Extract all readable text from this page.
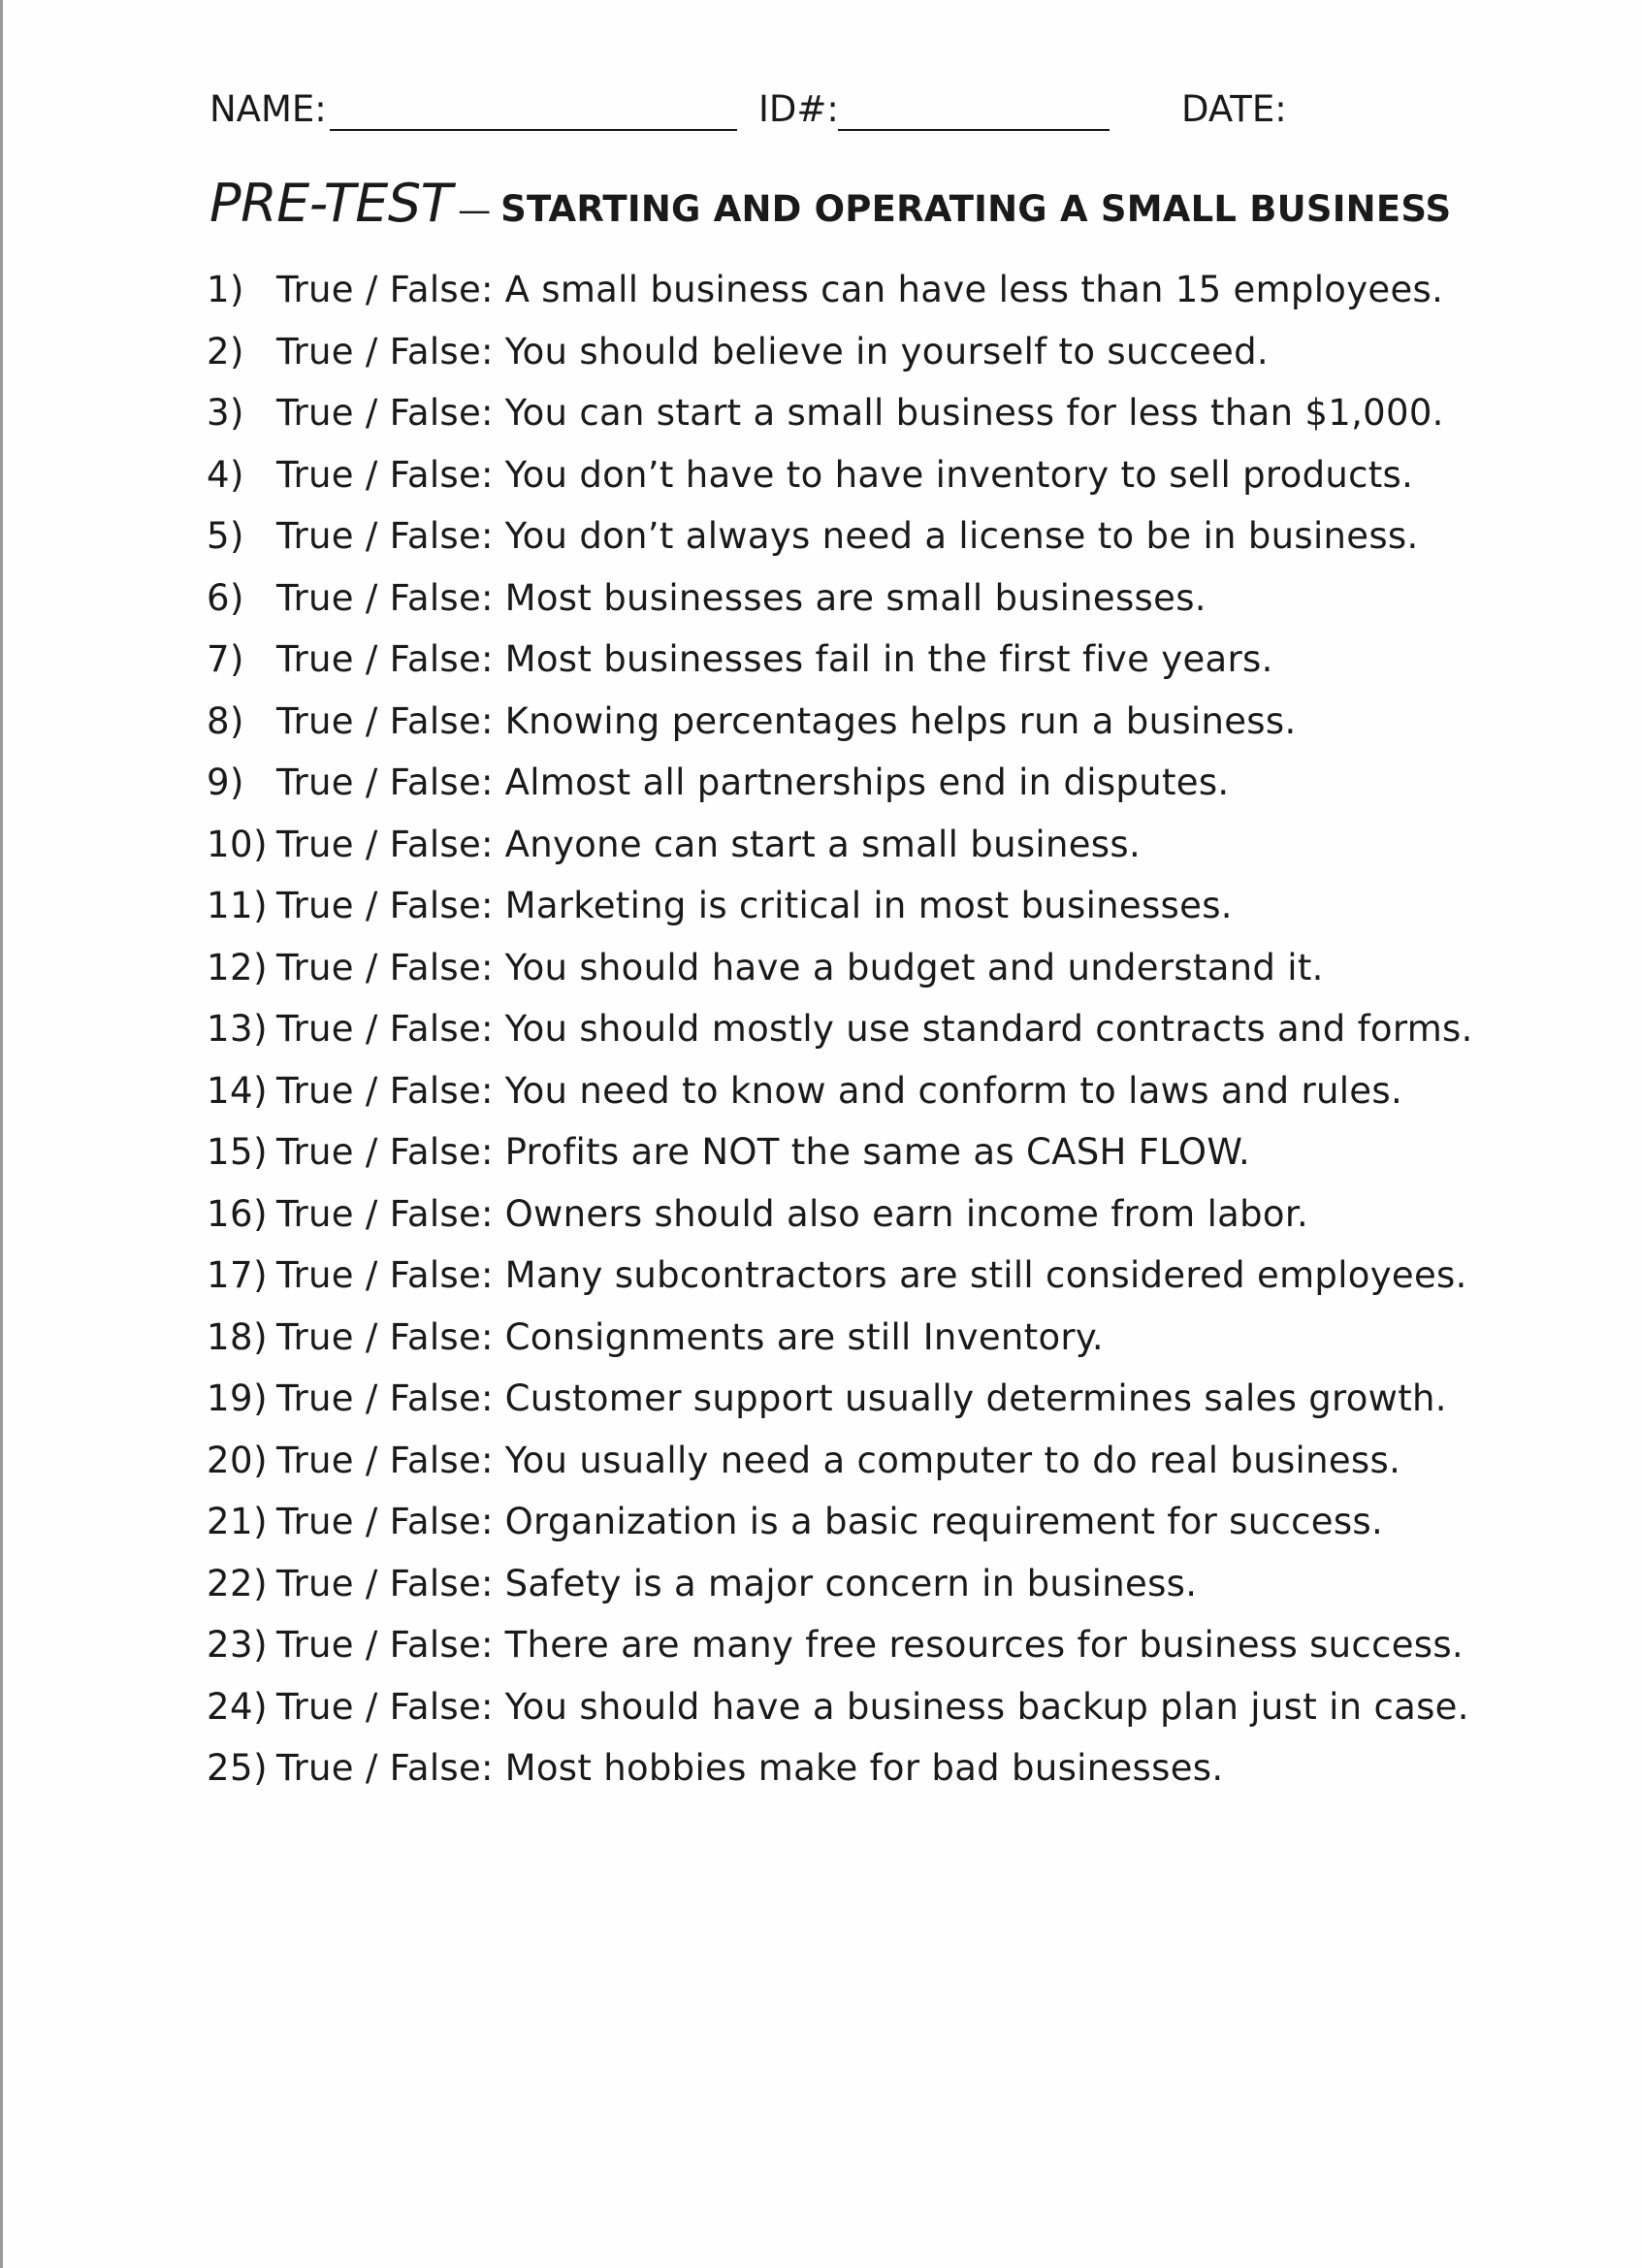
NAME:	ID#:	DATE:
PRE-TEST — STARTING AND OPERATING A SMALL BUSINESS
1) True / False: A small business can have less than 15 employees.
2) True / False: You should believe in yourself to succeed.
3) True / False: You can start a small business for less than $1,000.
4) True / False: You don’t have to have inventory to sell products.
5) True / False: You don’t always need a license to be in business.
6) True / False: Most businesses are small businesses.
7) True / False: Most businesses fail in the first five years.
8) True / False: Knowing percentages helps run a business.
9) True / False: Almost all partnerships end in disputes.
10) True / False: Anyone can start a small business.
11) True / False: Marketing is critical in most businesses.
12) True / False: You should have a budget and understand it.
13) True / False: You should mostly use standard contracts and forms.
14) True / False: You need to know and conform to laws and rules.
15) True / False: Profits are NOT the same as CASH FLOW.
16) True / False: Owners should also earn income from labor.
17) True / False: Many subcontractors are still considered employees.
18) True / False: Consignments are still Inventory.
19) True / False: Customer support usually determines sales growth.
20) True / False: You usually need a computer to do real business.
21) True / False: Organization is a basic requirement for success.
22) True / False: Safety is a major concern in business.
23) True / False: There are many free resources for business success.
24) True / False: You should have a business backup plan just in case.
25) True / False: Most hobbies make for bad businesses.
